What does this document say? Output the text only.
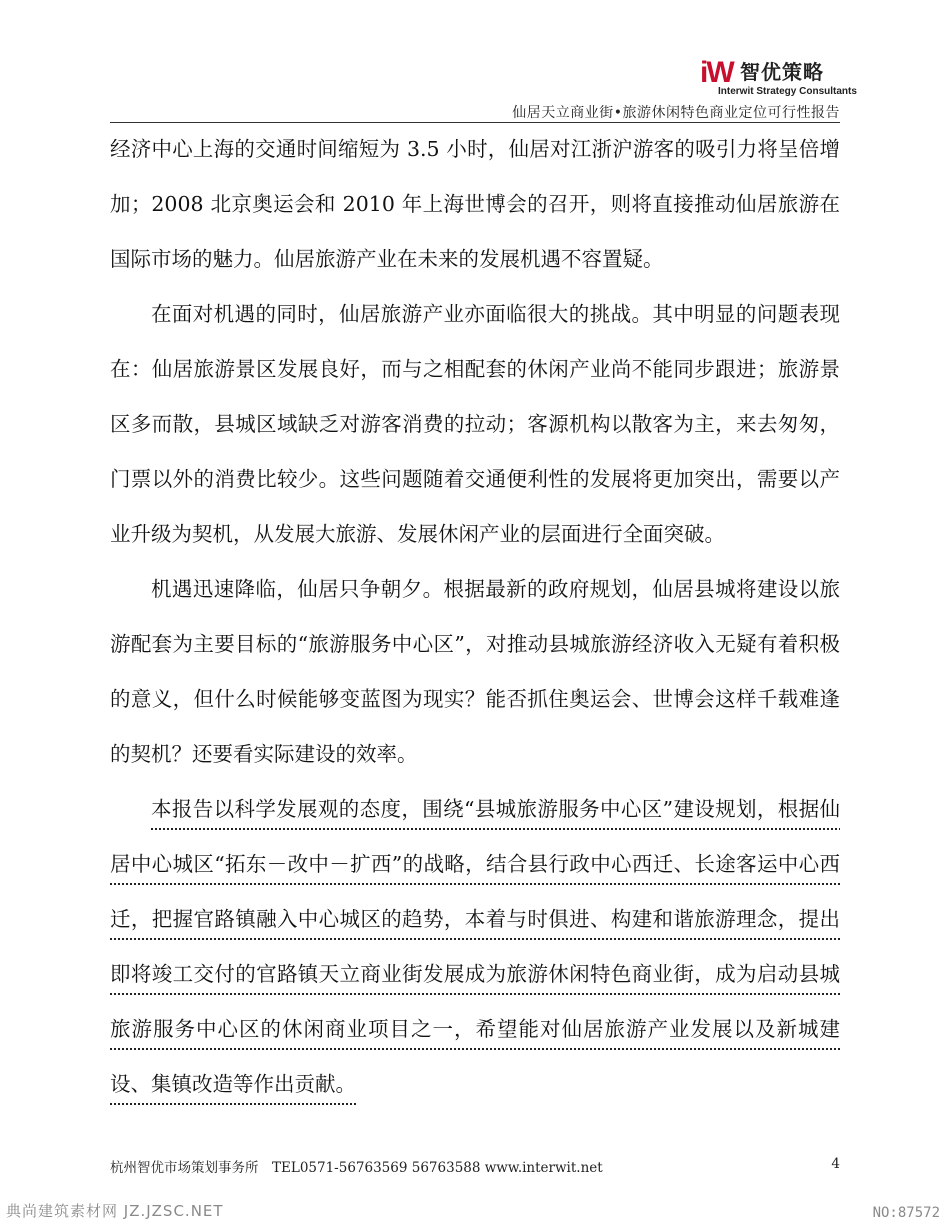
iW 智优策略
Interwit Strategy Consultants
仙居天立商业街•旅游休闲特色商业定位可行性报告

经济中心上海的交通时间缩短为 3.5 小时，仙居对江浙沪游客的吸引力将呈倍增加；2008 北京奥运会和 2010 年上海世博会的召开，则将直接推动仙居旅游在国际市场的魅力。仙居旅游产业在未来的发展机遇不容置疑。

在面对机遇的同时，仙居旅游产业亦面临很大的挑战。其中明显的问题表现在：仙居旅游景区发展良好，而与之相配套的休闲产业尚不能同步跟进；旅游景区多而散，县城区域缺乏对游客消费的拉动；客源机构以散客为主，来去匆匆，门票以外的消费比较少。这些问题随着交通便利性的发展将更加突出，需要以产业升级为契机，从发展大旅游、发展休闲产业的层面进行全面突破。

机遇迅速降临，仙居只争朝夕。根据最新的政府规划，仙居县城将建设以旅游配套为主要目标的“旅游服务中心区”，对推动县城旅游经济收入无疑有着积极的意义，但什么时候能够变蓝图为现实？能否抓住奥运会、世博会这样千载难逢的契机？还要看实际建设的效率。

本报告以科学发展观的态度，围绕“县城旅游服务中心区”建设规划，根据仙居中心城区“拓东－改中－扩西”的战略，结合县行政中心西迁、长途客运中心西迁，把握官路镇融入中心城区的趋势，本着与时俱进、构建和谐旅游理念，提出即将竣工交付的官路镇天立商业街发展成为旅游休闲特色商业街，成为启动县城旅游服务中心区的休闲商业项目之一，希望能对仙居旅游产业发展以及新城建设、集镇改造等作出贡献。

杭州智优市场策划事务所　TEL0571-56763569 56763588 www.interwit.net	4
典尚建筑素材网 JZ.JZSC.NET	NO:87572
